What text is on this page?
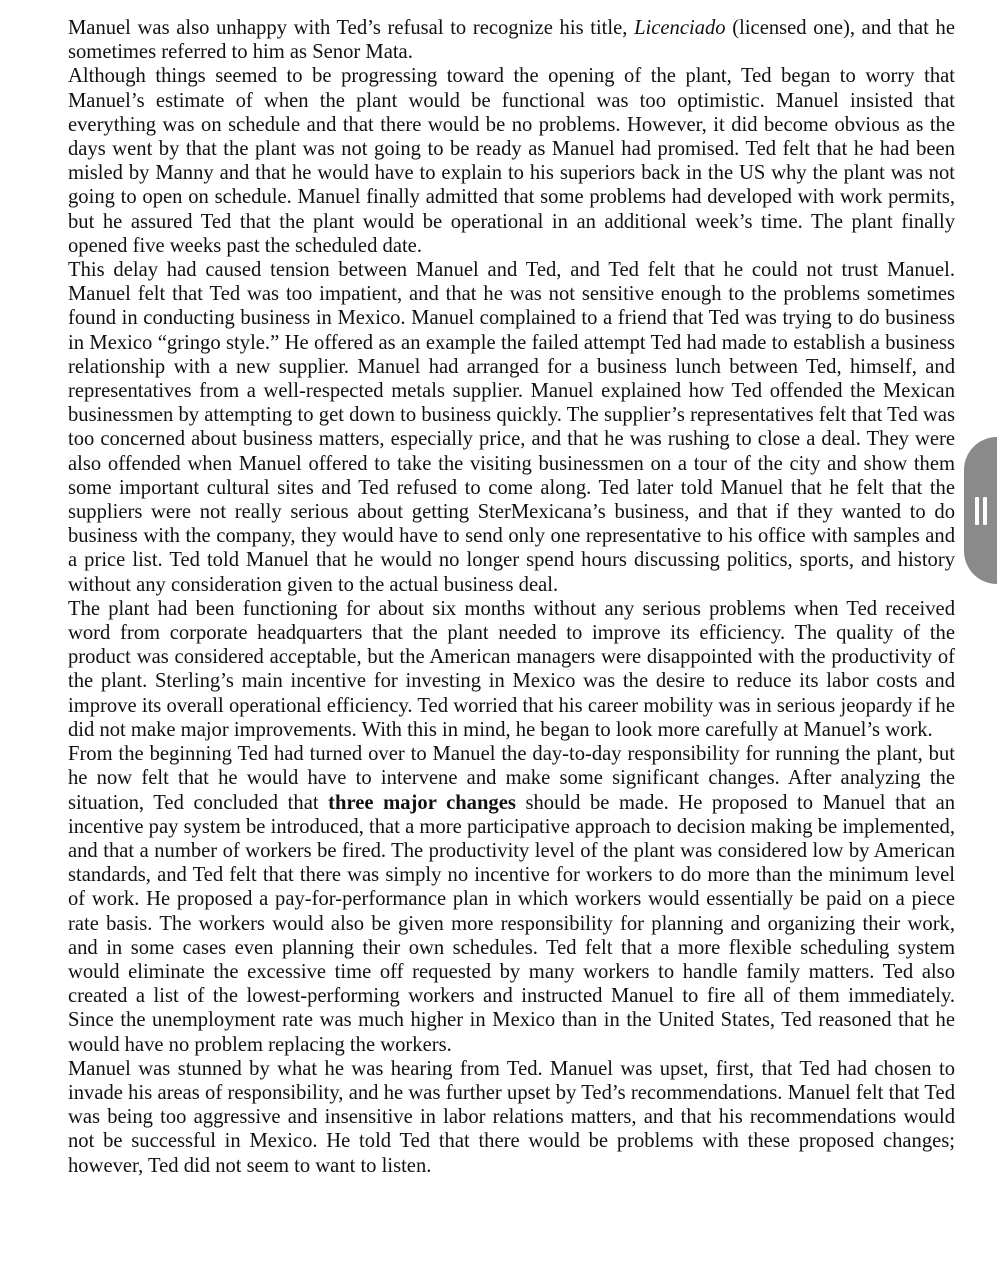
Manuel was also unhappy with Ted’s refusal to recognize his title, Licenciado (licensed one), and that he sometimes referred to him as Senor Mata.

Although things seemed to be progressing toward the opening of the plant, Ted began to worry that Manuel’s estimate of when the plant would be functional was too optimistic. Manuel insisted that everything was on schedule and that there would be no problems. However, it did become obvious as the days went by that the plant was not going to be ready as Manuel had promised. Ted felt that he had been misled by Manny and that he would have to explain to his superiors back in the US why the plant was not going to open on schedule. Manuel finally admitted that some problems had developed with work permits, but he assured Ted that the plant would be operational in an additional week’s time. The plant finally opened five weeks past the scheduled date.

This delay had caused tension between Manuel and Ted, and Ted felt that he could not trust Manuel. Manuel felt that Ted was too impatient, and that he was not sensitive enough to the problems sometimes found in conducting business in Mexico. Manuel complained to a friend that Ted was trying to do business in Mexico “gringo style.” He offered as an example the failed attempt Ted had made to establish a business relationship with a new supplier. Manuel had arranged for a business lunch between Ted, himself, and representatives from a well-respected metals supplier. Manuel explained how Ted offended the Mexican businessmen by attempting to get down to business quickly. The supplier’s representatives felt that Ted was too concerned about business matters, especially price, and that he was rushing to close a deal. They were also offended when Manuel offered to take the visiting businessmen on a tour of the city and show them some important cultural sites and Ted refused to come along. Ted later told Manuel that he felt that the suppliers were not really serious about getting SterMexicana’s business, and that if they wanted to do business with the company, they would have to send only one representative to his office with samples and a price list. Ted told Manuel that he would no longer spend hours discussing politics, sports, and history without any consideration given to the actual business deal.

The plant had been functioning for about six months without any serious problems when Ted received word from corporate headquarters that the plant needed to improve its efficiency. The quality of the product was considered acceptable, but the American managers were disappointed with the productivity of the plant. Sterling’s main incentive for investing in Mexico was the desire to reduce its labor costs and improve its overall operational efficiency. Ted worried that his career mobility was in serious jeopardy if he did not make major improvements. With this in mind, he began to look more carefully at Manuel’s work.

From the beginning Ted had turned over to Manuel the day-to-day responsibility for running the plant, but he now felt that he would have to intervene and make some significant changes. After analyzing the situation, Ted concluded that three major changes should be made. He proposed to Manuel that an incentive pay system be introduced, that a more participative approach to decision making be implemented, and that a number of workers be fired. The productivity level of the plant was considered low by American standards, and Ted felt that there was simply no incentive for workers to do more than the minimum level of work. He proposed a pay-for-performance plan in which workers would essentially be paid on a piece rate basis. The workers would also be given more responsibility for planning and organizing their work, and in some cases even planning their own schedules. Ted felt that a more flexible scheduling system would eliminate the excessive time off requested by many workers to handle family matters. Ted also created a list of the lowest-performing workers and instructed Manuel to fire all of them immediately. Since the unemployment rate was much higher in Mexico than in the United States, Ted reasoned that he would have no problem replacing the workers.

Manuel was stunned by what he was hearing from Ted. Manuel was upset, first, that Ted had chosen to invade his areas of responsibility, and he was further upset by Ted’s recommendations. Manuel felt that Ted was being too aggressive and insensitive in labor relations matters, and that his recommendations would not be successful in Mexico. He told Ted that there would be problems with these proposed changes; however, Ted did not seem to want to listen.
